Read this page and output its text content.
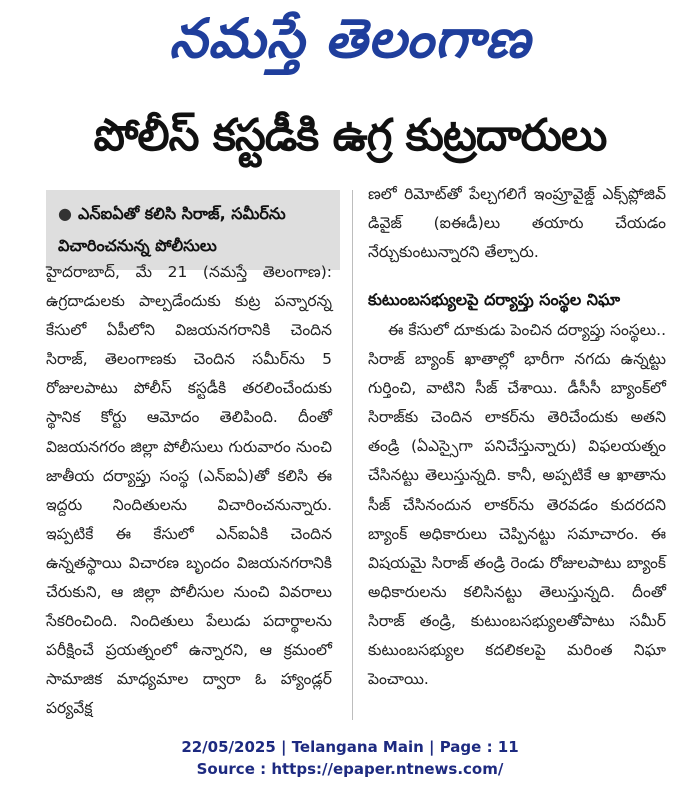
నమస్తే తెలంగాణ
పోలీస్ కస్టడీకి ఉగ్ర కుట్రదారులు
● ఎన్ఐఏతో కలిసి సిరాజ్, సమీర్‌ను విచారించనున్న పోలీసులు

హైదరాబాద్, మే 21 (నమస్తే తెలంగాణ): ఉగ్రదాడులకు పాల్పడేందుకు కుట్ర పన్నారన్న కేసులో ఏపీలోని విజయనగరానికి చెందిన సిరాజ్, తెలంగాణకు చెందిన సమీర్‌ను 5 రోజులపాటు పోలీస్ కస్టడీకి తరలించేందుకు స్థానిక కోర్టు ఆమోదం తెలిపింది. దీంతో విజయనగరం జిల్లా పోలీసులు గురువారం నుంచి జాతీయ దర్యాప్తు సంస్థ (ఎన్ఐఏ)తో కలిసి ఈ ఇద్దరు నిందితులను విచారించనున్నారు. ఇప్పటికే ఈ కేసులో ఎన్ఐఏకి చెందిన ఉన్నతస్థాయి విచారణ బృందం విజయనగరానికి చేరుకుని, ఆ జిల్లా పోలీసుల నుంచి వివరాలు సేకరించింది. నిందితులు పేలుడు పదార్థాలను పరీక్షించే ప్రయత్నంలో ఉన్నారని, ఆ క్రమంలో సామాజిక మాధ్యమాల ద్వారా ఓ హ్యాండ్లర్ పర్యవేక్ష

ణలో రిమోట్‌తో పేల్చగలిగే ఇంప్రూవైజ్డ్ ఎక్స్‌ప్లోజివ్ డివైజ్ (ఐఈడీ)లు తయారు చేయడం నేర్చుకుంటున్నారని తేల్చారు.

కుటుంబసభ్యులపై దర్యాప్తు సంస్థల నిఘా

ఈ కేసులో దూకుడు పెంచిన దర్యాప్తు సంస్థలు.. సిరాజ్ బ్యాంక్ ఖాతాల్లో భారీగా నగదు ఉన్నట్టు గుర్తించి, వాటిని సీజ్ చేశాయి. డీసీసీ బ్యాంక్‌లో సిరాజ్‌కు చెందిన లాకర్‌ను తెరిచేందుకు అతని తండ్రి (ఏఎస్సైగా పనిచేస్తున్నారు) విఫలయత్నం చేసినట్టు తెలుస్తున్నది. కానీ, అప్పటికే ఆ ఖాతాను సీజ్ చేసినందున లాకర్‌ను తెరవడం కుదరదని బ్యాంక్ అధికారులు చెప్పినట్టు సమాచారం. ఈ విషయమై సిరాజ్ తండ్రి రెండు రోజులపాటు బ్యాంక్ అధికారులను కలిసినట్టు తెలుస్తున్నది. దీంతో సిరాజ్ తండ్రి, కుటుంబసభ్యులతోపాటు సమీర్ కుటుంబసభ్యుల కదలికలపై మరింత నిఘా పెంచాయి.

22/05/2025 | Telangana Main | Page : 11
Source : https://epaper.ntnews.com/
